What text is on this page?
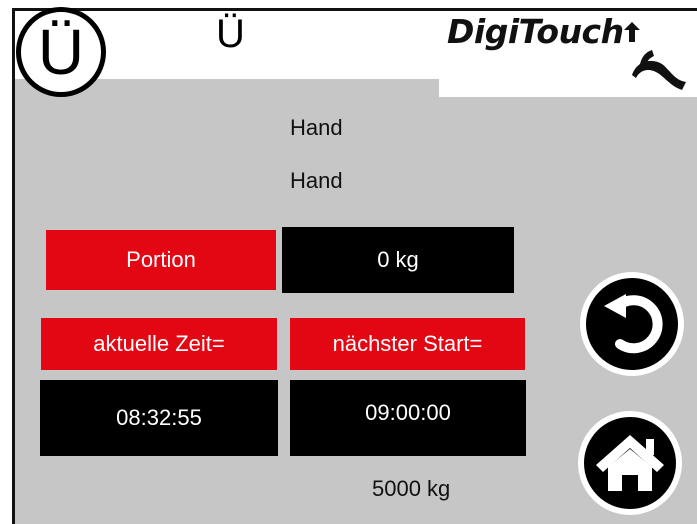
Ü	Ü	DigiTouch
Hand
Hand
Portion	0 kg
aktuelle Zeit=	nächster Start=
08:32:55	09:00:00
5000 kg
